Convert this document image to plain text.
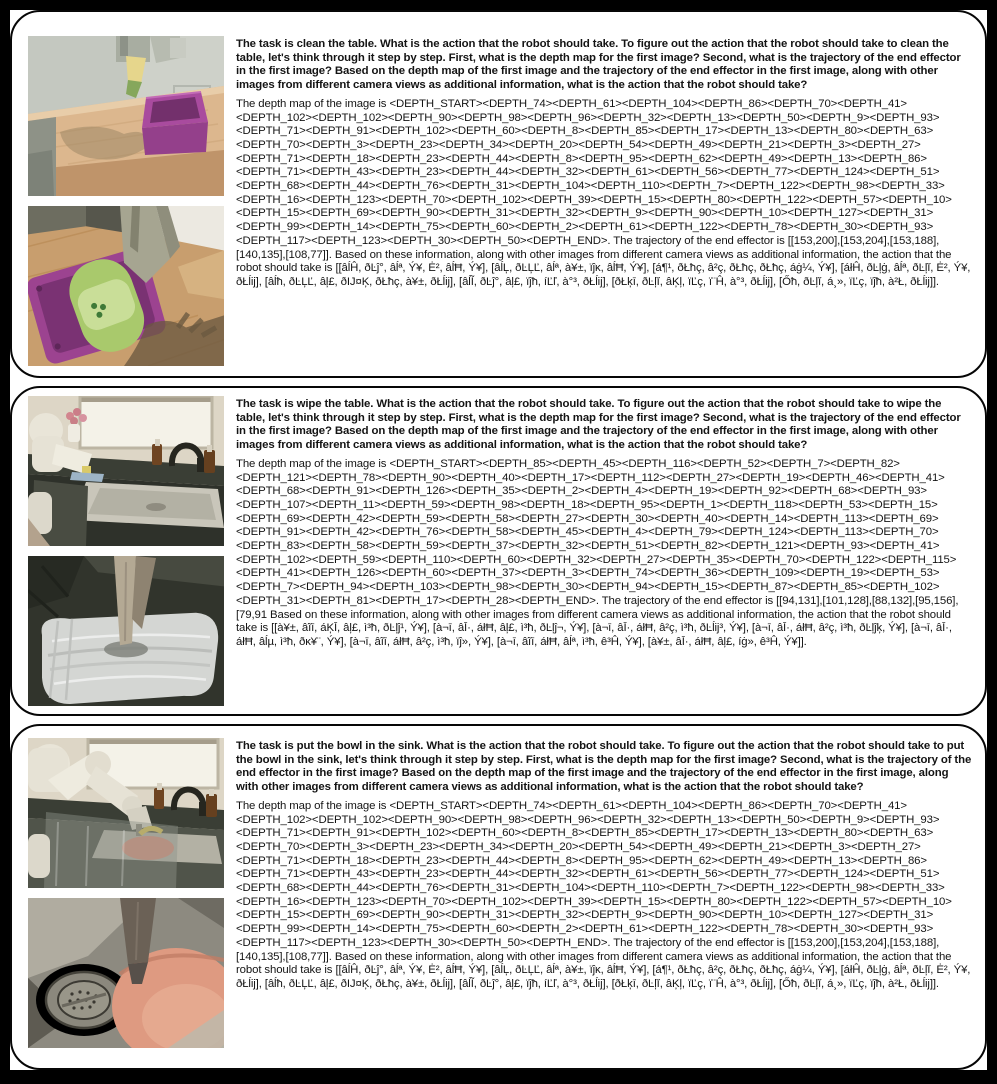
The task is clean the table. What is the action that the robot should take. To figure out the action that the robot should take to clean the table, let's think through it step by step. First, what is the depth map for the first image? Second, what is the trajectory of the end effector in the first image? Based on the depth map of the first image and the trajectory of the end effector in the first image, along with other images from different camera views as additional information, what is the action that the robot should take?

The depth map of the image is <DEPTH_START><DEPTH_74><DEPTH_61><DEPTH_104><DEPTH_86><DEPTH_70><DEPTH_41><DEPTH_102><DEPTH_102><DEPTH_90><DEPTH_98><DEPTH_96><DEPTH_32><DEPTH_13><DEPTH_50><DEPTH_9><DEPTH_93><DEPTH_71><DEPTH_91><DEPTH_102><DEPTH_60><DEPTH_8><DEPTH_85><DEPTH_17><DEPTH_13><DEPTH_80><DEPTH_63><DEPTH_70><DEPTH_3><DEPTH_23><DEPTH_34><DEPTH_20><DEPTH_54><DEPTH_49><DEPTH_21><DEPTH_3><DEPTH_27><DEPTH_71><DEPTH_18><DEPTH_23><DEPTH_44><DEPTH_8><DEPTH_95><DEPTH_62><DEPTH_49><DEPTH_13><DEPTH_86><DEPTH_71><DEPTH_43><DEPTH_23><DEPTH_44><DEPTH_32><DEPTH_61><DEPTH_56><DEPTH_77><DEPTH_124><DEPTH_51><DEPTH_68><DEPTH_44><DEPTH_76><DEPTH_31><DEPTH_104><DEPTH_110><DEPTH_7><DEPTH_122><DEPTH_98><DEPTH_33><DEPTH_16><DEPTH_123><DEPTH_70><DEPTH_102><DEPTH_39><DEPTH_15><DEPTH_80><DEPTH_122><DEPTH_57><DEPTH_10><DEPTH_15><DEPTH_69><DEPTH_90><DEPTH_31><DEPTH_32><DEPTH_9><DEPTH_90><DEPTH_10><DEPTH_127><DEPTH_31><DEPTH_99><DEPTH_14><DEPTH_75><DEPTH_60><DEPTH_2><DEPTH_61><DEPTH_122><DEPTH_78><DEPTH_30><DEPTH_93><DEPTH_117><DEPTH_123><DEPTH_30><DEPTH_50><DEPTH_END>. The trajectory of the end effector is [[153,200],[153,204],[153,188],[140,135],[108,77]]. Based on these information, along with other images from different camera views as additional information, the action that the robot should take is [[âĺĤ, ðĿĵ°, âĺª, Ý¥, Ė², âĺĦ, Ý¥], [âĺĻ, ðĿĻĽ, âĺª, à¥±, ïĵκ, âĺĦ, Ý¥], [á¶¹, ðŁħç, â²ç, ðŁħç, ðŁħç, áġ¼, Ý¥], [áłĤ, ðĿļġ, âĺª, ðĿļĭ, Ė², Ý¥, ðŁĺij], [âĺħ, ðĿĻĽ, âļ£, ðIJ¤Ķ, ðŁħç, à¥±, ðŁĺij], [âĺĨ, ðĿĵ°, âļ£, ïĵħ, íĽľ, à°³, ðŁĺij], [ðŁķī, ðĿļĭ, âĶļ, ïĽç, ï¨Ĥ, à°³, ðŁĺij], [Őħ, ðĿļĭ, á¸», ïĽç, ïĵħ, à²Ł, ðŁĺij]].

The task is wipe the table. What is the action that the robot should take. To figure out the action that the robot should take to wipe the table, let's think through it step by step. First, what is the depth map for the first image? Second, what is the trajectory of the end effector in the first image? Based on the depth map of the first image and the trajectory of the end effector in the first image, along with other images from different camera views as additional information, what is the action that the robot should take?

The depth map of the image is <DEPTH_START><DEPTH_85><DEPTH_45><DEPTH_116><DEPTH_52><DEPTH_7><DEPTH_82><DEPTH_121><DEPTH_78><DEPTH_90><DEPTH_40><DEPTH_17><DEPTH_112><DEPTH_27><DEPTH_19><DEPTH_46><DEPTH_41><DEPTH_68><DEPTH_91><DEPTH_126><DEPTH_35><DEPTH_2><DEPTH_4><DEPTH_19><DEPTH_92><DEPTH_68><DEPTH_93><DEPTH_107><DEPTH_11><DEPTH_59><DEPTH_98><DEPTH_18><DEPTH_95><DEPTH_1><DEPTH_118><DEPTH_53><DEPTH_15><DEPTH_69><DEPTH_42><DEPTH_59><DEPTH_58><DEPTH_27><DEPTH_30><DEPTH_40><DEPTH_14><DEPTH_113><DEPTH_69><DEPTH_91><DEPTH_42><DEPTH_76><DEPTH_58><DEPTH_45><DEPTH_4><DEPTH_79><DEPTH_124><DEPTH_113><DEPTH_70><DEPTH_83><DEPTH_58><DEPTH_59><DEPTH_37><DEPTH_32><DEPTH_51><DEPTH_82><DEPTH_121><DEPTH_93><DEPTH_41><DEPTH_102><DEPTH_59><DEPTH_110><DEPTH_60><DEPTH_32><DEPTH_27><DEPTH_35><DEPTH_70><DEPTH_122><DEPTH_115><DEPTH_41><DEPTH_126><DEPTH_60><DEPTH_37><DEPTH_3><DEPTH_74><DEPTH_36><DEPTH_109><DEPTH_19><DEPTH_53><DEPTH_7><DEPTH_94><DEPTH_103><DEPTH_98><DEPTH_30><DEPTH_94><DEPTH_15><DEPTH_87><DEPTH_85><DEPTH_102><DEPTH_31><DEPTH_81><DEPTH_17><DEPTH_28><DEPTH_END>. The trajectory of the end effector is [[94,131],[101,128],[88,132],[95,156],[79,91 Based on these information, along with other images from different camera views as additional information, the action that the robot should take is [[à¥±, âĩī, áĶĪ, âļ£, ì³ħ, ðĿļĵ¹, Ý¥], [à¬ī, âĪ·, áłĦ, âļ£, ì³ħ, ðĿļĵ¬, Ý¥], [à¬ī, âĪ·, áłĦ, â²ç, ì³ħ, ðĿĺij³, Ý¥], [à¬ī, âĪ·, áłĦ, â²ç, ì³ħ, ðĿļĵķ, Ý¥], [à¬ī, âĪ·, áłĦ, âĺµ, ì³ħ, ðκ¥¨, Ý¥], [à¬ī, âĩī, áłĦ, â²ç, ì³ħ, ïĵ», Ý¥], [à¬ī, âĩī, áłĦ, âĺª, ì³ħ, ê³Ĥ, Ý¥], [à¥±, âĪ·, áłĦ, âļ£, íġ», ê³Ĥ, Ý¥]].

The task is put the bowl in the sink. What is the action that the robot should take. To figure out the action that the robot should take to put the bowl in the sink, let's think through it step by step. First, what is the depth map for the first image? Second, what is the trajectory of the end effector in the first image? Based on the depth map of the first image and the trajectory of the end effector in the first image, along with other images from different camera views as additional information, what is the action that the robot should take?

The depth map of the image is <DEPTH_START><DEPTH_74><DEPTH_61><DEPTH_104><DEPTH_86><DEPTH_70><DEPTH_41><DEPTH_102><DEPTH_102><DEPTH_90><DEPTH_98><DEPTH_96><DEPTH_32><DEPTH_13><DEPTH_50><DEPTH_9><DEPTH_93><DEPTH_71><DEPTH_91><DEPTH_102><DEPTH_60><DEPTH_8><DEPTH_85><DEPTH_17><DEPTH_13><DEPTH_80><DEPTH_63><DEPTH_70><DEPTH_3><DEPTH_23><DEPTH_34><DEPTH_20><DEPTH_54><DEPTH_49><DEPTH_21><DEPTH_3><DEPTH_27><DEPTH_71><DEPTH_18><DEPTH_23><DEPTH_44><DEPTH_8><DEPTH_95><DEPTH_62><DEPTH_49><DEPTH_13><DEPTH_86><DEPTH_71><DEPTH_43><DEPTH_23><DEPTH_44><DEPTH_32><DEPTH_61><DEPTH_56><DEPTH_77><DEPTH_124><DEPTH_51><DEPTH_68><DEPTH_44><DEPTH_76><DEPTH_31><DEPTH_104><DEPTH_110><DEPTH_7><DEPTH_122><DEPTH_98><DEPTH_33><DEPTH_16><DEPTH_123><DEPTH_70><DEPTH_102><DEPTH_39><DEPTH_15><DEPTH_80><DEPTH_122><DEPTH_57><DEPTH_10><DEPTH_15><DEPTH_69><DEPTH_90><DEPTH_31><DEPTH_32><DEPTH_9><DEPTH_90><DEPTH_10><DEPTH_127><DEPTH_31><DEPTH_99><DEPTH_14><DEPTH_75><DEPTH_60><DEPTH_2><DEPTH_61><DEPTH_122><DEPTH_78><DEPTH_30><DEPTH_93><DEPTH_117><DEPTH_123><DEPTH_30><DEPTH_50><DEPTH_END>. The trajectory of the end effector is [[153,200],[153,204],[153,188],[140,135],[108,77]]. Based on these information, along with other images from different camera views as additional information, the action that the robot should take is [[âĺĤ, ðĿĵ°, âĺª, Ý¥, Ė², âĺĦ, Ý¥], [âĺĻ, ðĿĻĽ, âĺª, à¥±, ïĵκ, âĺĦ, Ý¥], [á¶¹, ðŁħç, â²ç, ðŁħç, ðŁħç, áġ¼, Ý¥], [áłĤ, ðĿļġ, âĺª, ðĿļĭ, Ė², Ý¥, ðŁĺij], [âĺħ, ðĿĻĽ, âļ£, ðIJ¤Ķ, ðŁħç, à¥±, ðŁĺij], [âĺĨ, ðĿĵ°, âļ£, ïĵħ, íĽľ, à°³, ðŁĺij], [ðŁķī, ðĿļĭ, âĶļ, ïĽç, ï¨Ĥ, à°³, ðŁĺij], [Őħ, ðĿļĭ, á¸», ïĽç, ïĵħ, à²Ł, ðŁĺij]].
